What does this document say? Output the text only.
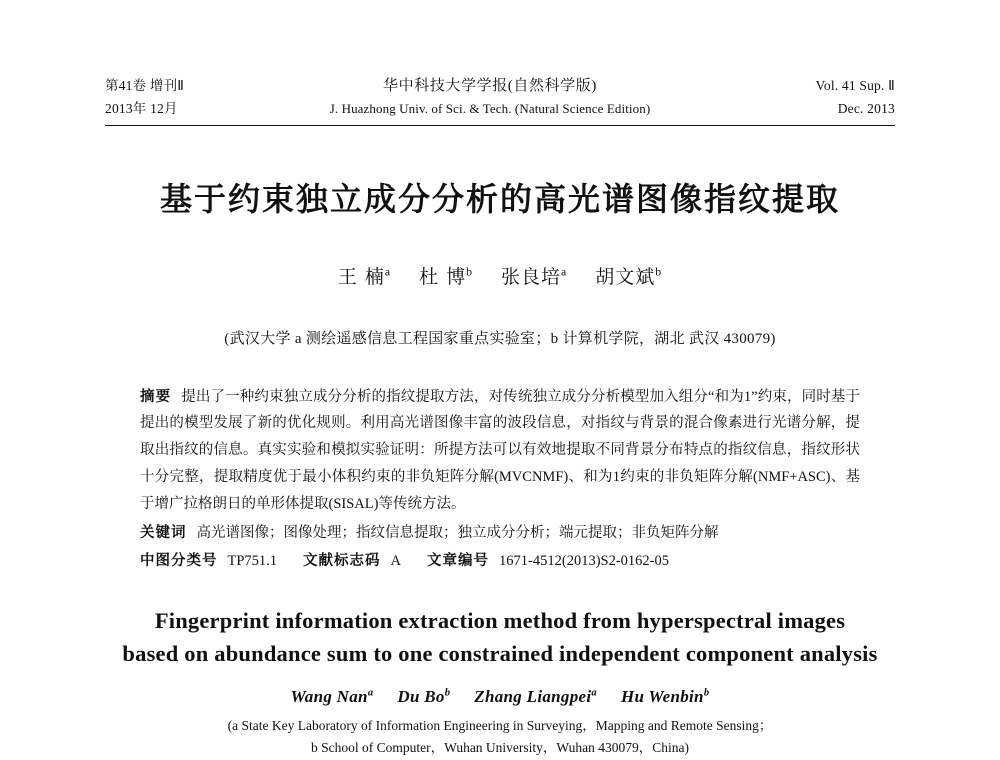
第41卷 增刊Ⅱ
2013年 12月
华中科技大学学报(自然科学版)
J. Huazhong Univ. of Sci. & Tech. (Natural Science Edition)
Vol. 41 Sup. Ⅱ
Dec. 2013
基于约束独立成分分析的高光谱图像指纹提取
王 楠$^a$ 杜 博$^b$ 张良培$^a$ 胡文斌$^b$
(武汉大学 a 测绘遥感信息工程国家重点实验室；b 计算机学院，湖北 武汉 430079)
摘要 提出了一种约束独立成分分析的指纹提取方法，对传统独立成分分析模型加入组分“和为1”约束，同时基于提出的模型发展了新的优化规则。利用高光谱图像丰富的波段信息，对指纹与背景的混合像素进行光谱分解，提取出指纹的信息。真实实验和模拟实验证明：所提方法可以有效地提取不同背景分布特点的指纹信息，指纹形状十分完整，提取精度优于最小体积约束的非负矩阵分解(MVCNMF)、和为1约束的非负矩阵分解(NMF+ASC)、基于增广拉格朗日的单形体提取(SISAL)等传统方法。
关键词 高光谱图像；图像处理；指纹信息提取；独立成分分析；端元提取；非负矩阵分解
中图分类号 TP751.1 文献标志码 A 文章编号 1671-4512(2013)S2-0162-05
Fingerprint information extraction method from hyperspectral images
based on abundance sum to one constrained independent component analysis
Wang Nan$^a$ Du Bo$^b$ Zhang Liangpei$^a$ Hu Wenbin$^b$
(a State Key Laboratory of Information Engineering in Surveying，Mapping and Remote Sensing；
b School of Computer，Wuhan University，Wuhan 430079，China)
